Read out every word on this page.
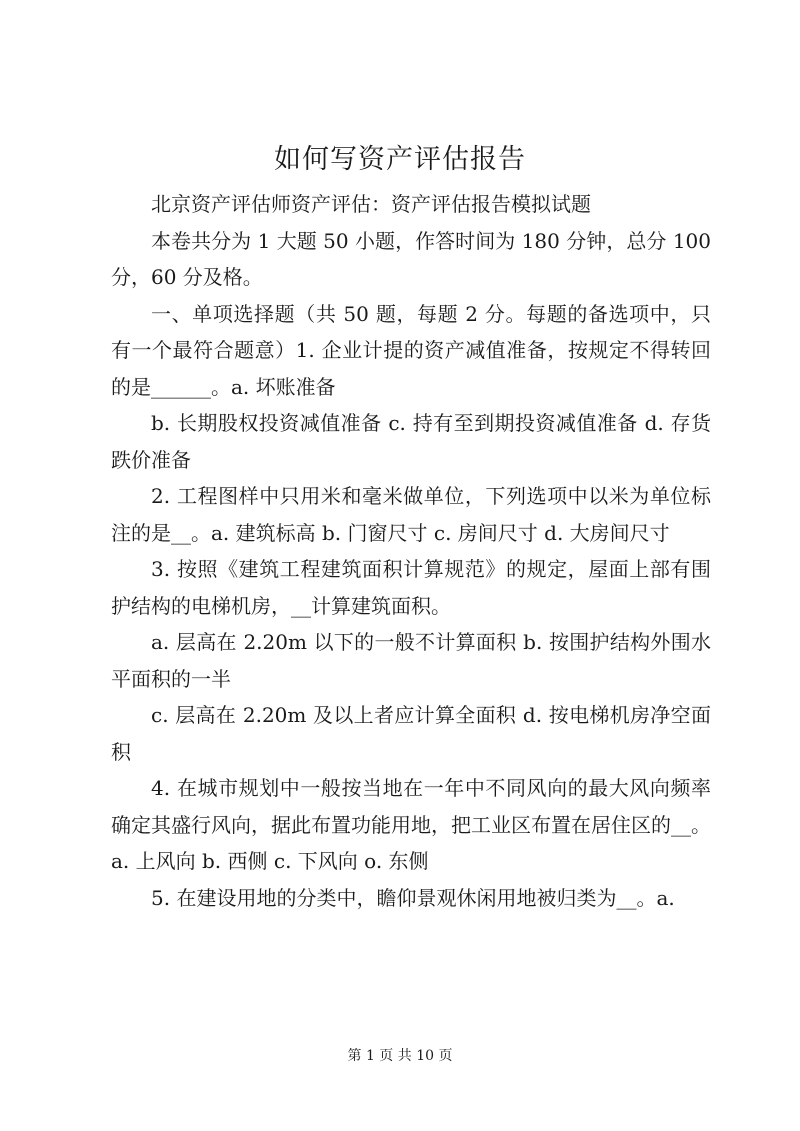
如何写资产评估报告

北京资产评估师资产评估：资产评估报告模拟试题

本卷共分为 1 大题 50 小题，作答时间为 180 分钟，总分 100 分，60 分及格。

一、单项选择题（共 50 题，每题 2 分。每题的备选项中，只有一个最符合题意）1. 企业计提的资产减值准备，按规定不得转回的是______。a. 坏账准备

b. 长期股权投资减值准备 c. 持有至到期投资减值准备 d. 存货跌价准备

2. 工程图样中只用米和毫米做单位，下列选项中以米为单位标注的是__。a. 建筑标高 b. 门窗尺寸 c. 房间尺寸 d. 大房间尺寸

3. 按照《建筑工程建筑面积计算规范》的规定，屋面上部有围护结构的电梯机房，__计算建筑面积。

a. 层高在 2.20m 以下的一般不计算面积 b. 按围护结构外围水平面积的一半

c. 层高在 2.20m 及以上者应计算全面积 d. 按电梯机房净空面积

4. 在城市规划中一般按当地在一年中不同风向的最大风向频率确定其盛行风向，据此布置功能用地，把工业区布置在居住区的__。a. 上风向 b. 西侧 c. 下风向 o. 东侧

5. 在建设用地的分类中，瞻仰景观休闲用地被归类为__。a.

第 1 页 共 10 页
